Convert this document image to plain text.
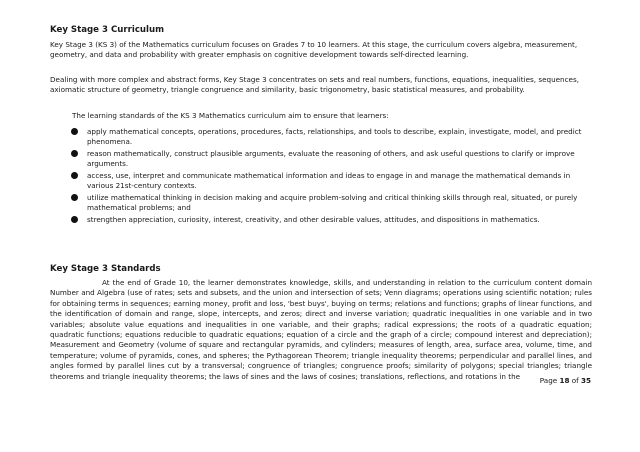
Key Stage 3 Curriculum

Key Stage 3 (KS 3) of the Mathematics curriculum focuses on Grades 7 to 10 learners. At this stage, the curriculum covers algebra, measurement, geometry, and data and probability with greater emphasis on cognitive development towards self-directed learning.

Dealing with more complex and abstract forms, Key Stage 3 concentrates on sets and real numbers, functions, equations, inequalities, sequences, axiomatic structure of geometry, triangle congruence and similarity, basic trigonometry, basic statistical measures, and probability.

The learning standards of the KS 3 Mathematics curriculum aim to ensure that learners:

apply mathematical concepts, operations, procedures, facts, relationships, and tools to describe, explain, investigate, model, and predict phenomena.
reason mathematically, construct plausible arguments, evaluate the reasoning of others, and ask useful questions to clarify or improve arguments.
access, use, interpret and communicate mathematical information and ideas to engage in and manage the mathematical demands in various 21st-century contexts.
utilize mathematical thinking in decision making and acquire problem-solving and critical thinking skills through real, situated, or purely mathematical problems; and
strengthen appreciation, curiosity, interest, creativity, and other desirable values, attitudes, and dispositions in mathematics.
Key Stage 3 Standards

At the end of Grade 10, the learner demonstrates knowledge, skills, and understanding in relation to the curriculum content domain Number and Algebra (use of rates; sets and subsets, and the union and intersection of sets; Venn diagrams; operations using scientific notation; rules for obtaining terms in sequences; earning money, profit and loss, 'best buys', buying on terms; relations and functions; graphs of linear functions, and the identification of domain and range, slope, intercepts, and zeros; direct and inverse variation; quadratic inequalities in one variable and in two variables; absolute value equations and inequalities in one variable, and their graphs; radical expressions; the roots of a quadratic equation; quadratic functions; equations reducible to quadratic equations; equation of a circle and the graph of a circle; compound interest and depreciation); Measurement and Geometry (volume of square and rectangular pyramids, and cylinders; measures of length, area, surface area, volume, time, and temperature; volume of pyramids, cones, and spheres; the Pythagorean Theorem; triangle inequality theorems; perpendicular and parallel lines, and angles formed by parallel lines cut by a transversal; congruence of triangles; congruence proofs; similarity of polygons; special triangles; triangle theorems and triangle inequality theorems; the laws of sines and the laws of cosines; translations, reflections, and rotations in the	Page 18 of 35
